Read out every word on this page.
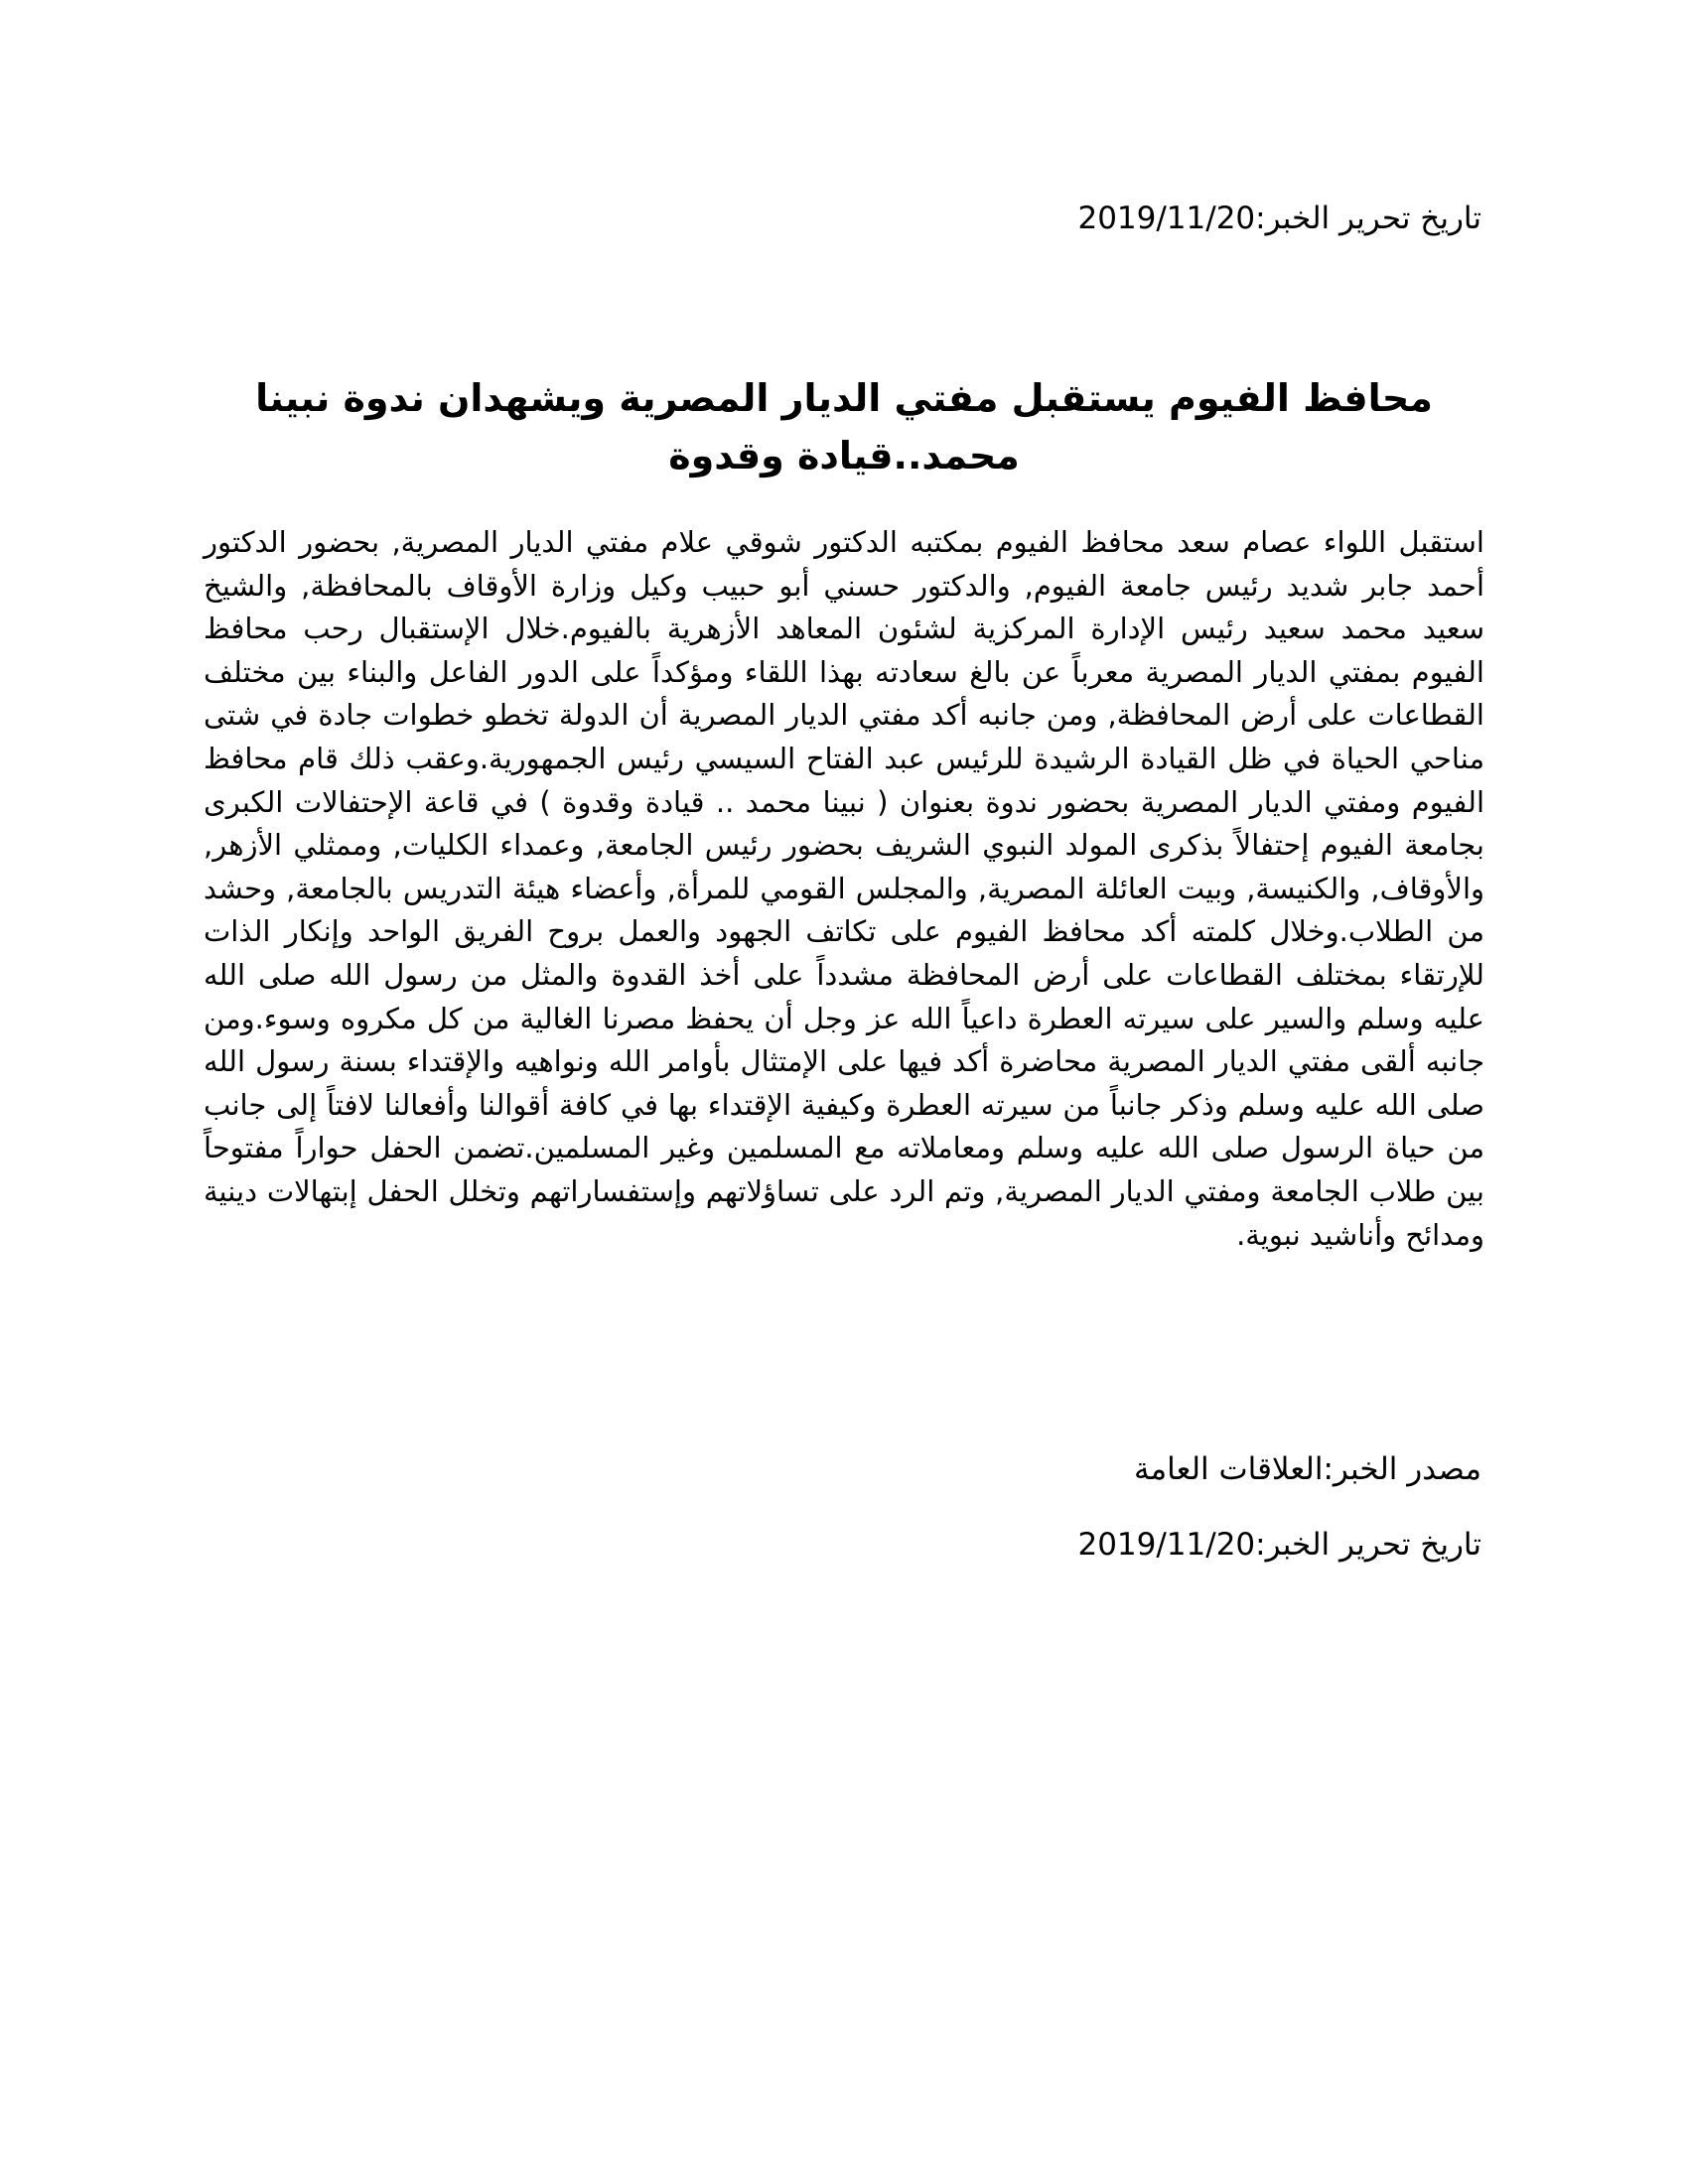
تاريخ تحرير الخبر:2019/11/20
محافظ الفيوم يستقبل مفتي الديار المصرية ويشهدان ندوة نبينا محمد..قيادة وقدوة

استقبل اللواء عصام سعد محافظ الفيوم بمكتبه الدكتور شوقي علام مفتي الديار المصرية, بحضور الدكتور أحمد جابر شديد رئيس جامعة الفيوم, والدكتور حسني أبو حبيب وكيل وزارة الأوقاف بالمحافظة, والشيخ سعيد محمد سعيد رئيس الإدارة المركزية لشئون المعاهد الأزهرية بالفيوم.خلال الإستقبال رحب محافظ الفيوم بمفتي الديار المصرية معرباً عن بالغ سعادته بهذا اللقاء ومؤكداً على الدور الفاعل والبناء بين مختلف القطاعات على أرض المحافظة, ومن جانبه أكد مفتي الديار المصرية أن الدولة تخطو خطوات جادة في شتى مناحي الحياة في ظل القيادة الرشيدة للرئيس عبد الفتاح السيسي رئيس الجمهورية.وعقب ذلك قام محافظ الفيوم ومفتي الديار المصرية بحضور ندوة بعنوان ( نبينا محمد .. قيادة وقدوة ) في قاعة الإحتفالات الكبرى بجامعة الفيوم إحتفالاً بذكرى المولد النبوي الشريف بحضور رئيس الجامعة, وعمداء الكليات, وممثلي الأزهر, والأوقاف, والكنيسة, وبيت العائلة المصرية, والمجلس القومي للمرأة, وأعضاء هيئة التدريس بالجامعة, وحشد من الطلاب.وخلال كلمته أكد محافظ الفيوم على تكاتف الجهود والعمل بروح الفريق الواحد وإنكار الذات للإرتقاء بمختلف القطاعات على أرض المحافظة مشدداً على أخذ القدوة والمثل من رسول الله صلى الله عليه وسلم والسير على سيرته العطرة داعياً الله عز وجل أن يحفظ مصرنا الغالية من كل مكروه وسوء.ومن جانبه ألقى مفتي الديار المصرية محاضرة أكد فيها على الإمتثال بأوامر الله ونواهيه والإقتداء بسنة رسول الله صلى الله عليه وسلم وذكر جانباً من سيرته العطرة وكيفية الإقتداء بها في كافة أقوالنا وأفعالنا لافتاً إلى جانب من حياة الرسول صلى الله عليه وسلم ومعاملاته مع المسلمين وغير المسلمين.تضمن الحفل حواراً مفتوحاً بين طلاب الجامعة ومفتي الديار المصرية, وتم الرد على تساؤلاتهم وإستفساراتهم وتخلل الحفل إبتهالات دينية ومدائح وأناشيد نبوية.

مصدر الخبر:العلاقات العامة
تاريخ تحرير الخبر:2019/11/20
